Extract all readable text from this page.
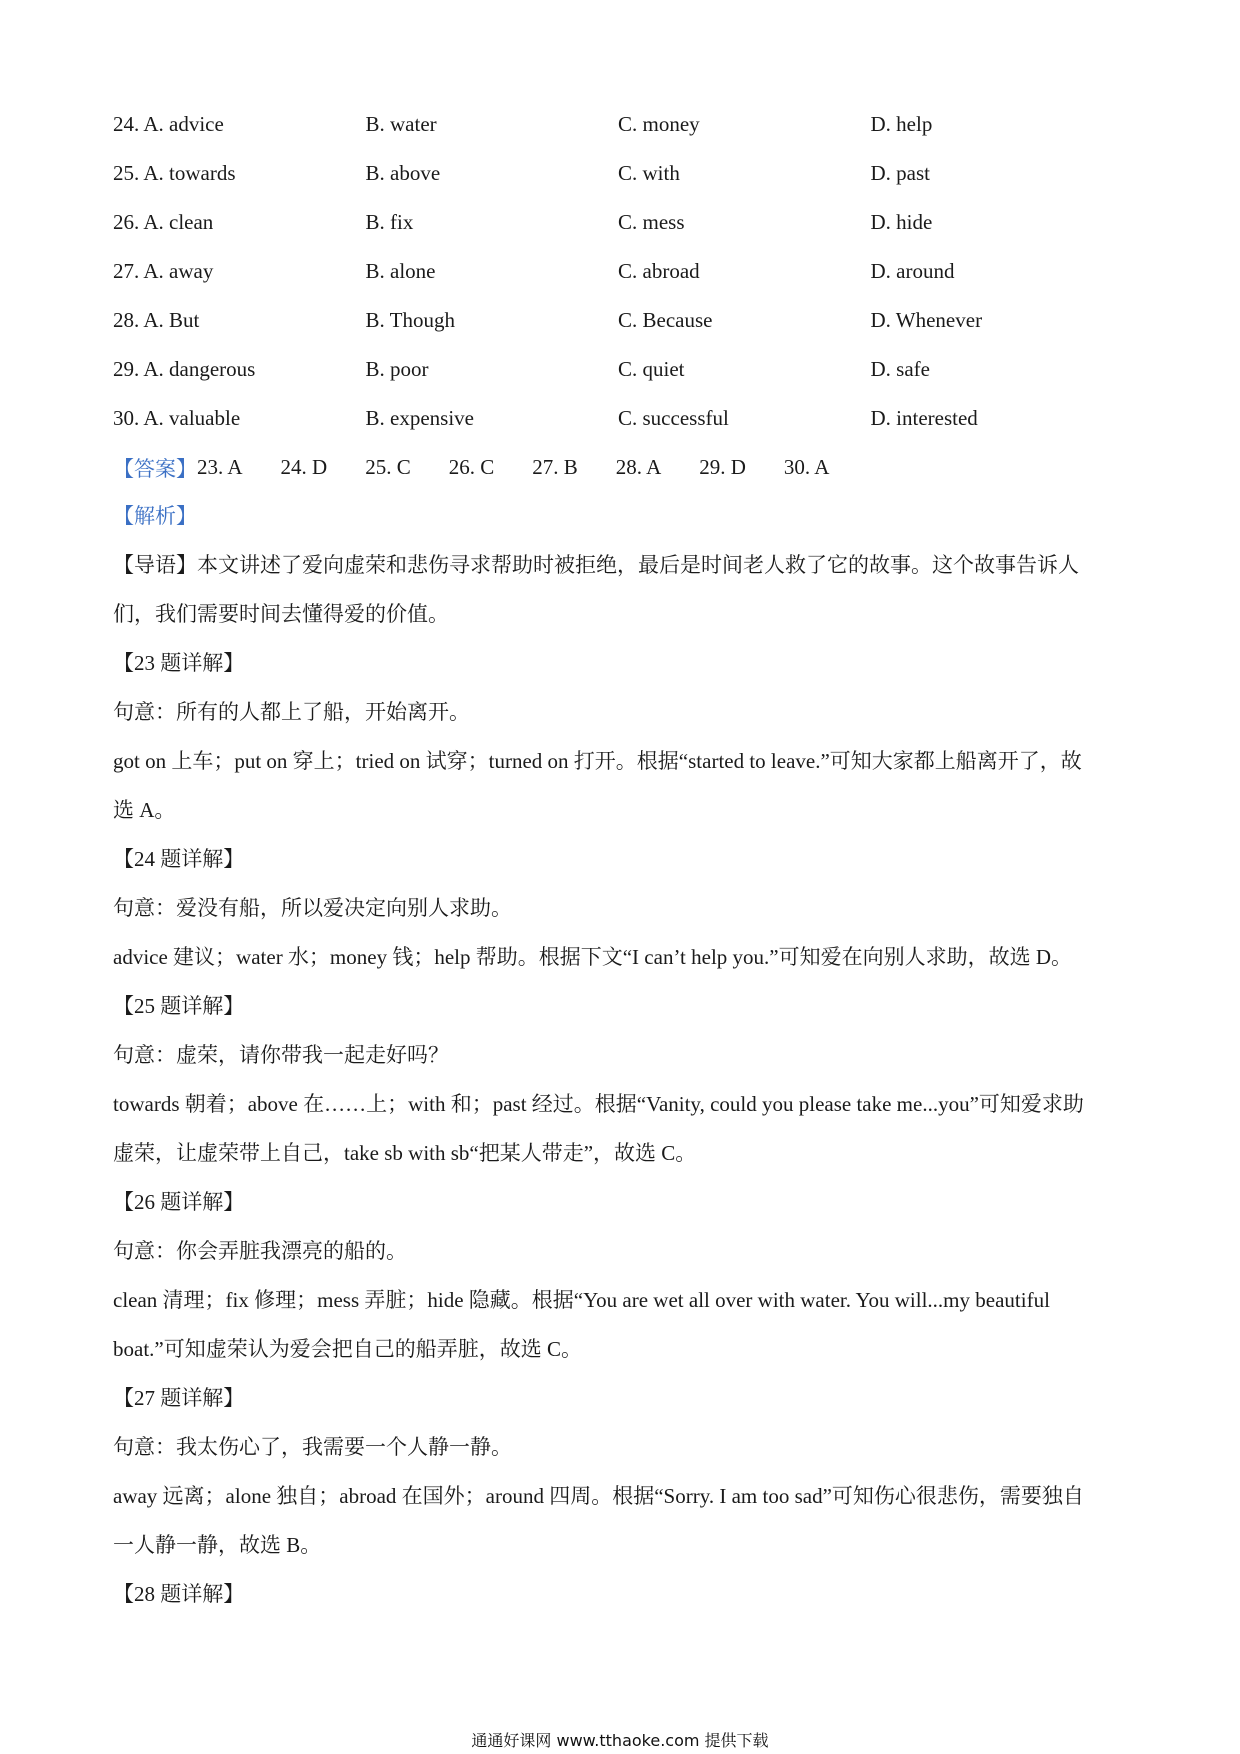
24. A. advice	B. water	C. money	D. help
25. A. towards	B. above	C. with	D. past
26. A. clean	B. fix	C. mess	D. hide
27. A. away	B. alone	C. abroad	D. around
28. A. But	B. Though	C. Because	D. Whenever
29. A. dangerous	B. poor	C. quiet	D. safe
30. A. valuable	B. expensive	C. successful	D. interested
【答案】 23. A 24. D 25. C 26. C 27. B 28. A 29. D 30. A
【解析】
【导语】本文讲述了爱向虚荣和悲伤寻求帮助时被拒绝，最后是时间老人救了它的故事。这个故事告诉人
们，我们需要时间去懂得爱的价值。
【23 题详解】
句意：所有的人都上了船，开始离开。
got on 上车；put on 穿上；tried on 试穿；turned on 打开。根据“started to leave.”可知大家都上船离开了，故
选 A。
【24 题详解】
句意：爱没有船，所以爱决定向别人求助。
advice 建议；water 水；money 钱；help 帮助。根据下文“I can’t help you.”可知爱在向别人求助，故选 D。
【25 题详解】
句意：虚荣，请你带我一起走好吗？
towards 朝着；above 在……上；with 和；past 经过。根据“Vanity, could you please take me...you”可知爱求助
虚荣，让虚荣带上自己，take sb with sb“把某人带走”，故选 C。
【26 题详解】
句意：你会弄脏我漂亮的船的。
clean 清理；fix 修理；mess 弄脏；hide 隐藏。根据“You are wet all over with water. You will...my beautiful
boat.”可知虚荣认为爱会把自己的船弄脏，故选 C。
【27 题详解】
句意：我太伤心了，我需要一个人静一静。
away 远离；alone 独自；abroad 在国外；around 四周。根据“Sorry. I am too sad”可知伤心很悲伤，需要独自
一人静一静，故选 B。
【28 题详解】
通通好课网 www.tthaoke.com 提供下载
